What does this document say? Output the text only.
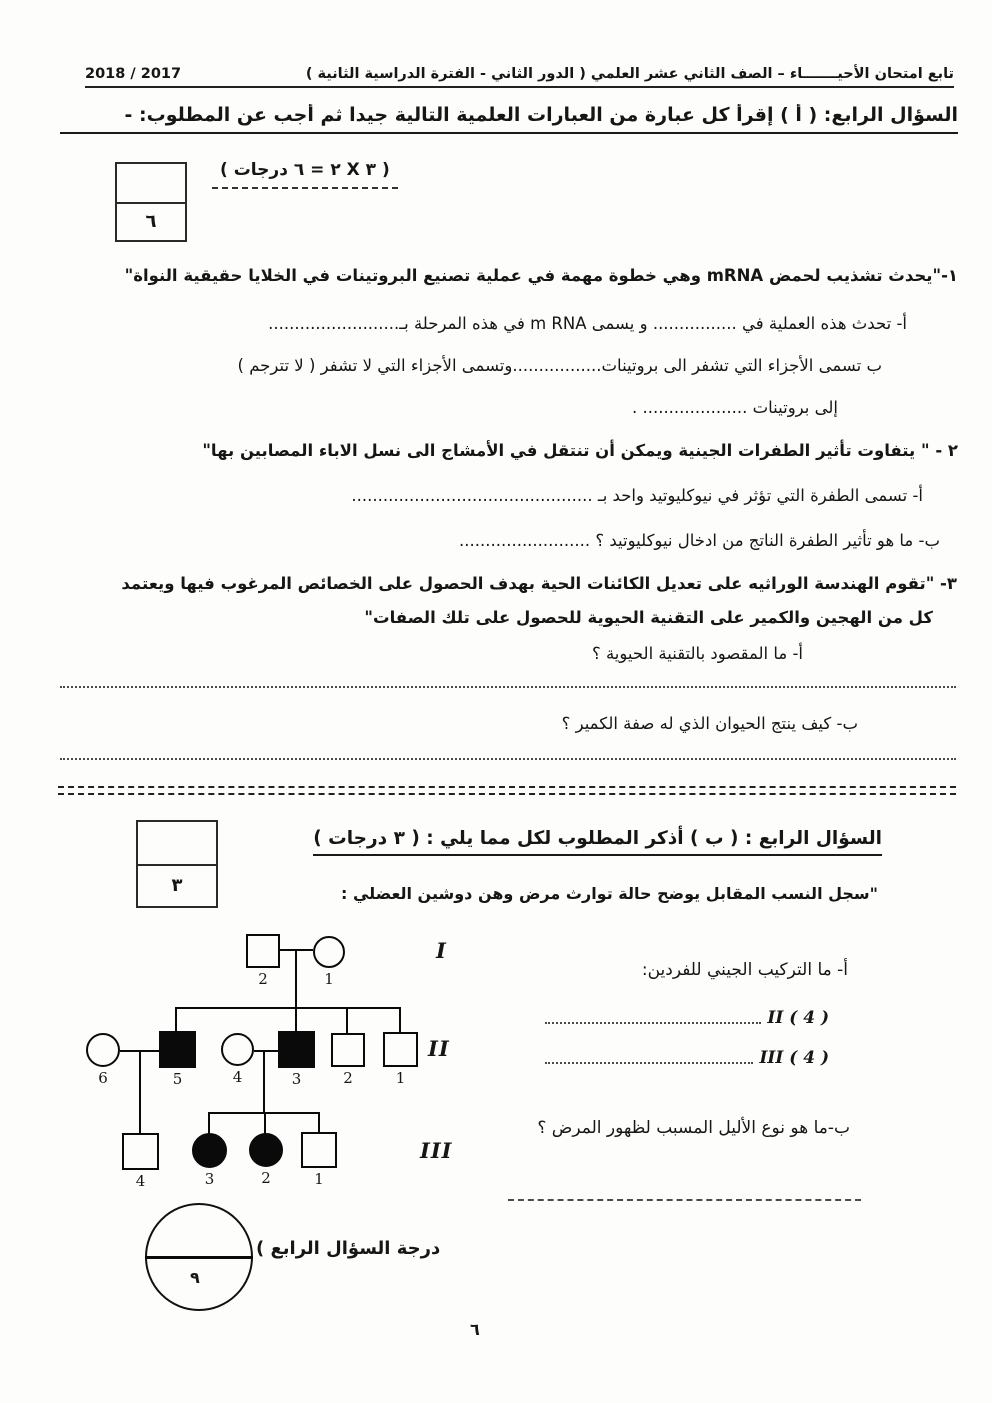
تابع امتحان الأحيـــــــاء – الصف الثاني عشر العلمي ( الدور الثاني - الفترة الدراسية الثانية )
2018 / 2017
السؤال الرابع: ( أ ) إقرأ كل عبارة من العبارات العلمية التالية جيدا ثم أجب عن المطلوب: -
٦
( ٣ X ٢ = ٦ درجات )
١-"يحدث تشذيب لحمض mRNA وهي خطوة مهمة في عملية تصنيع البروتينات في الخلايا حقيقية النواة"
أ- تحدث هذه العملية في ................ و يسمى m RNA في هذه المرحلة بـ.........................
ب تسمى الأجزاء التي تشفر الى بروتينات.................وتسمى الأجزاء التي لا تشفر ( لا تترجم )
إلى بروتينات .................... .
٢ - " يتفاوت تأثير الطفرات الجينية ويمكن أن تنتقل في الأمشاج الى نسل الاباء المصابين بها"
أ- تسمى الطفرة التي تؤثر في نيوكليوتيد واحد بـ ..............................................
ب- ما هو تأثير الطفرة الناتج من ادخال نيوكليوتيد ؟ .........................
٣- "تقوم الهندسة الوراثيه على تعديل الكائنات الحية بهدف الحصول على الخصائص المرغوب فيها ويعتمد
كل من الهجين والكمير على التقنية الحيوية للحصول على تلك الصفات"
أ- ما المقصود بالتقنية الحيوية ؟
ب- كيف ينتج الحيوان الذي له صفة الكمير ؟
٣
السؤال الرابع : ( ب ) أذكر المطلوب لكل مما يلي : ( ٣ درجات )
"سجل النسب المقابل يوضح حالة توارث مرض وهن دوشين العضلي :
2	1
6	5	4	3	2	1
4	3	2	1
I
II
III
أ- ما التركيب الجيني للفردين:
II ( 4 )
III ( 4 )
ب-ما هو نوع الأليل المسبب لظهور المرض ؟
٩
( درجة السؤال الرابع
٦
